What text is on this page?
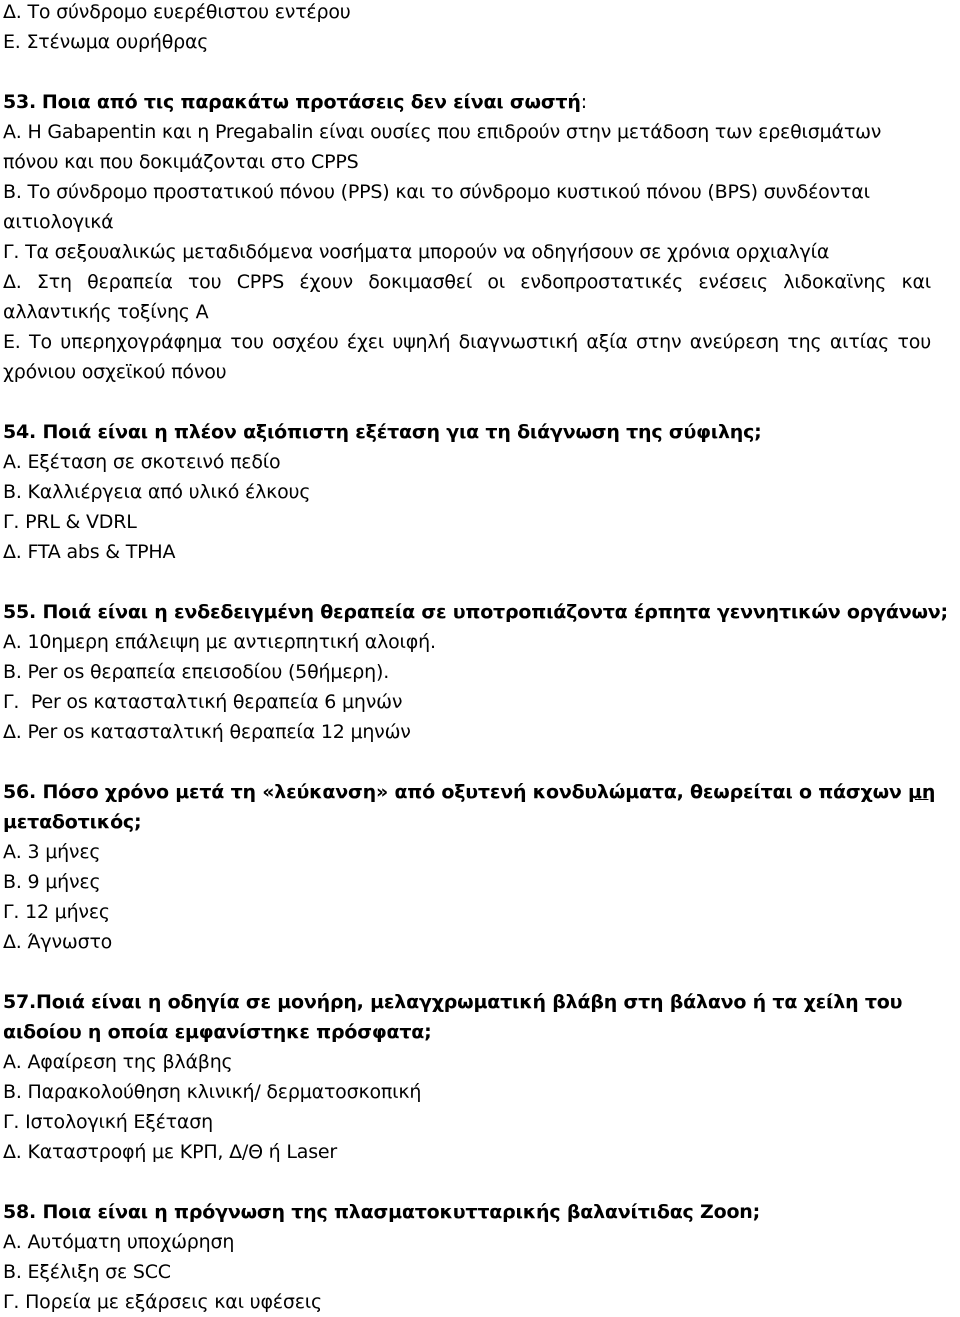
Δ. Το σύνδρομο ευερέθιστου εντέρου
Ε. Στένωμα ουρήθρας
53. Ποια από τις παρακάτω προτάσεις δεν είναι σωστή:
Α. Η Gabapentin και η Pregabalin είναι ουσίες που επιδρούν στην μετάδοση των ερεθισμάτων πόνου και που δοκιμάζονται στο CPPS
Β. Το σύνδρομο προστατικού πόνου (PPS) και το σύνδρομο κυστικού πόνου (BPS) συνδέονται αιτιολογικά
Γ. Τα σεξουαλικώς μεταδιδόμενα νοσήματα μπορούν να οδηγήσουν σε χρόνια ορχιαλγία
Δ. Στη θεραπεία του CPPS έχουν δοκιμασθεί οι ενδοπροστατικές ενέσεις λιδοκαϊνης και αλλαντικής τοξίνης Α
Ε. Το υπερηχογράφημα του οσχέου έχει υψηλή διαγνωστική αξία στην ανεύρεση της αιτίας του χρόνιου οσχεϊκού πόνου
54. Ποιά είναι η πλέον αξιόπιστη εξέταση για τη διάγνωση της σύφιλης;
Α. Εξέταση σε σκοτεινό πεδίο
Β. Καλλιέργεια από υλικό έλκους
Γ. PRL & VDRL
Δ. FTA abs & TPHA
55. Ποιά είναι η ενδεδειγμένη θεραπεία σε υποτροπιάζοντα έρπητα γεννητικών οργάνων;
Α. 10ημερη επάλειψη με αντιερπητική αλοιφή.
Β. Per os θεραπεία επεισοδίου (5θήμερη).
Γ.  Per os κατασταλτική θεραπεία 6 μηνών
Δ. Per os κατασταλτική θεραπεία 12 μηνών
56. Πόσο χρόνο μετά τη «λεύκανση» από οξυτενή κονδυλώματα, θεωρείται ο πάσχων μη
μεταδοτικός;
Α. 3 μήνες
Β. 9 μήνες
Γ. 12 μήνες
Δ. Άγνωστο
57.Ποιά είναι η οδηγία σε μονήρη, μελαγχρωματική βλάβη στη βάλανο ή τα χείλη του
αιδοίου η οποία εμφανίστηκε πρόσφατα;
Α. Αφαίρεση της βλάβης
Β. Παρακολούθηση κλινική/ δερματοσκοπική
Γ. Ιστολογική Εξέταση
Δ. Καταστροφή με ΚΡΠ, Δ/Θ ή Laser
58. Ποια είναι η πρόγνωση της πλασματοκυτταρικής βαλανίτιδας Zoon;
Α. Αυτόματη υποχώρηση
Β. Εξέλιξη σε SCC
Γ. Πορεία με εξάρσεις και υφέσεις
